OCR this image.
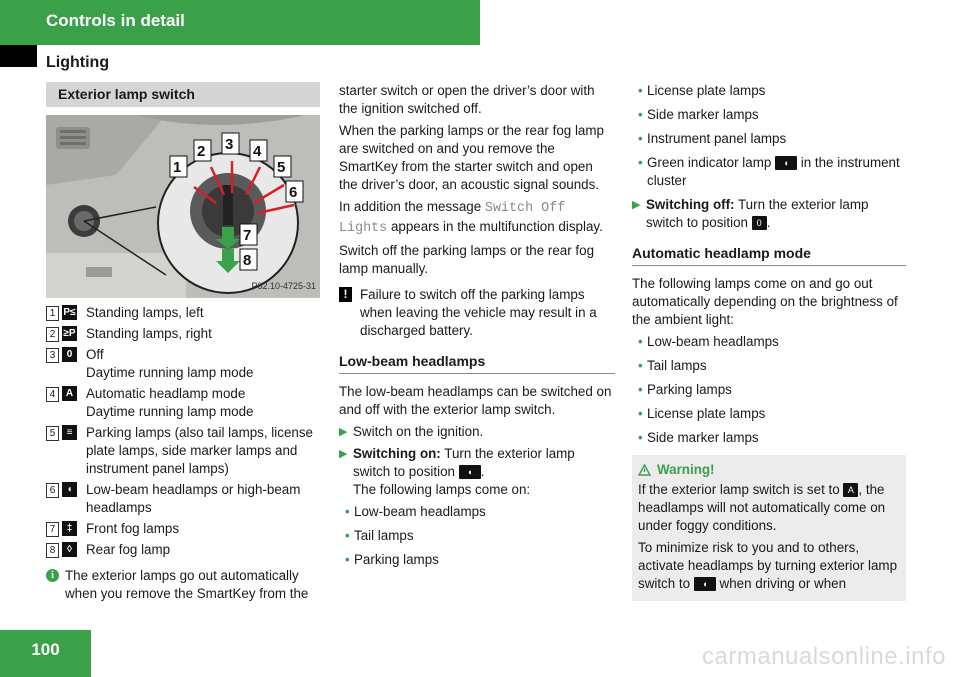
Controls in detail
Lighting
Exterior lamp switch
1
2 3 4
5
6
7
8
P82.10-4725-31
1 P≤ Standing lamps, left
2 ≥P Standing lamps, right
3	0	Off
Daytime running lamp mode
4	A Automatic headlamp mode
Daytime running lamp mode
5	≡	Parking lamps (also tail lamps, license plate lamps, side marker lamps and instrument panel lamps)
6	◖	Low-beam headlamps or high-beam headlamps
7	‡	Front fog lamps
8	◊	Rear fog lamp
i The exterior lamps go out automatically when you remove the SmartKey from the

starter switch or open the driver’s door with the ignition switched off.

When the parking lamps or the rear fog lamp are switched on and you remove the SmartKey from the starter switch and open the driver’s door, an acoustic signal sounds.

In addition the message Switch Off Lights appears in the multifunction display.

Switch off the parking lamps or the rear fog lamp manually.

! Failure to switch off the parking lamps when leaving the vehicle may result in a discharged battery.
Low-beam headlamps

The low-beam headlamps can be switched on and off with the exterior lamp switch.

▶ Switch on the ignition.
▶ Switching on: Turn the exterior lamp switch to position ◖ .
The following lamps come on:
• Low-beam headlamps
• Tail lamps
• Parking lamps
• License plate lamps
• Side marker lamps
• Instrument panel lamps
• Green indicator lamp ◖ in the instrument cluster
▶ Switching off: Turn the exterior lamp switch to position 0 .
Automatic headlamp mode

The following lamps come on and go out automatically depending on the brightness of the ambient light:

• Low-beam headlamps
• Tail lamps
• Parking lamps
• License plate lamps
• Side marker lamps
Warning!

If the exterior lamp switch is set to A , the headlamps will not automatically come on under foggy conditions.

To minimize risk to you and to others, activate headlamps by turning exterior lamp switch to ◖ when driving or when

100	carmanualsonline.info
